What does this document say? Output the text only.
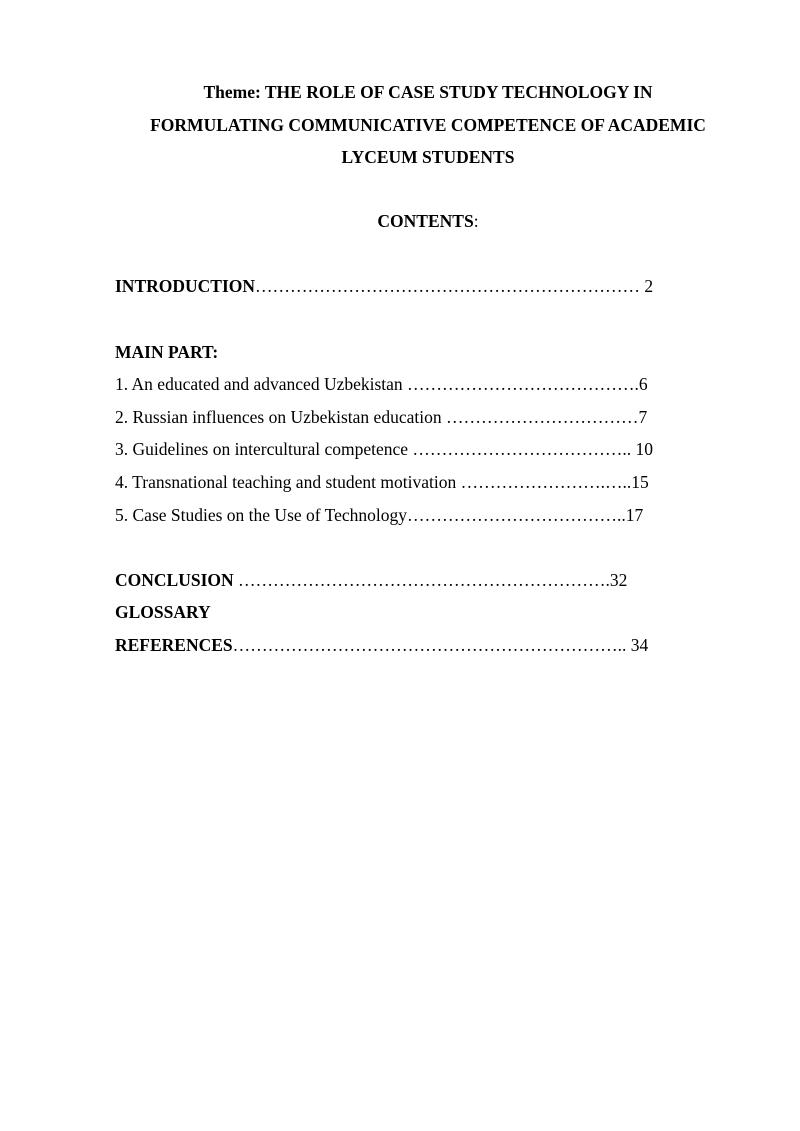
Theme: THE ROLE OF CASE STUDY TECHNOLOGY IN
FORMULATING COMMUNICATIVE COMPETENCE OF ACADEMIC
LYCEUM STUDENTS
CONTENTS:
INTRODUCTION………………………………………………………… 2
MAIN PART:
1. An educated and advanced Uzbekistan ………………………………….6
2. Russian influences on Uzbekistan education ……………………………7
3. Guidelines on intercultural competence ……………………………….. 10
4. Transnational teaching and student motivation …………………….…..15
5. Case Studies on the Use of Technology………………………………..17
CONCLUSION ……………………………………………………….32
GLOSSARY
REFERENCES………………………………………………………….. 34
